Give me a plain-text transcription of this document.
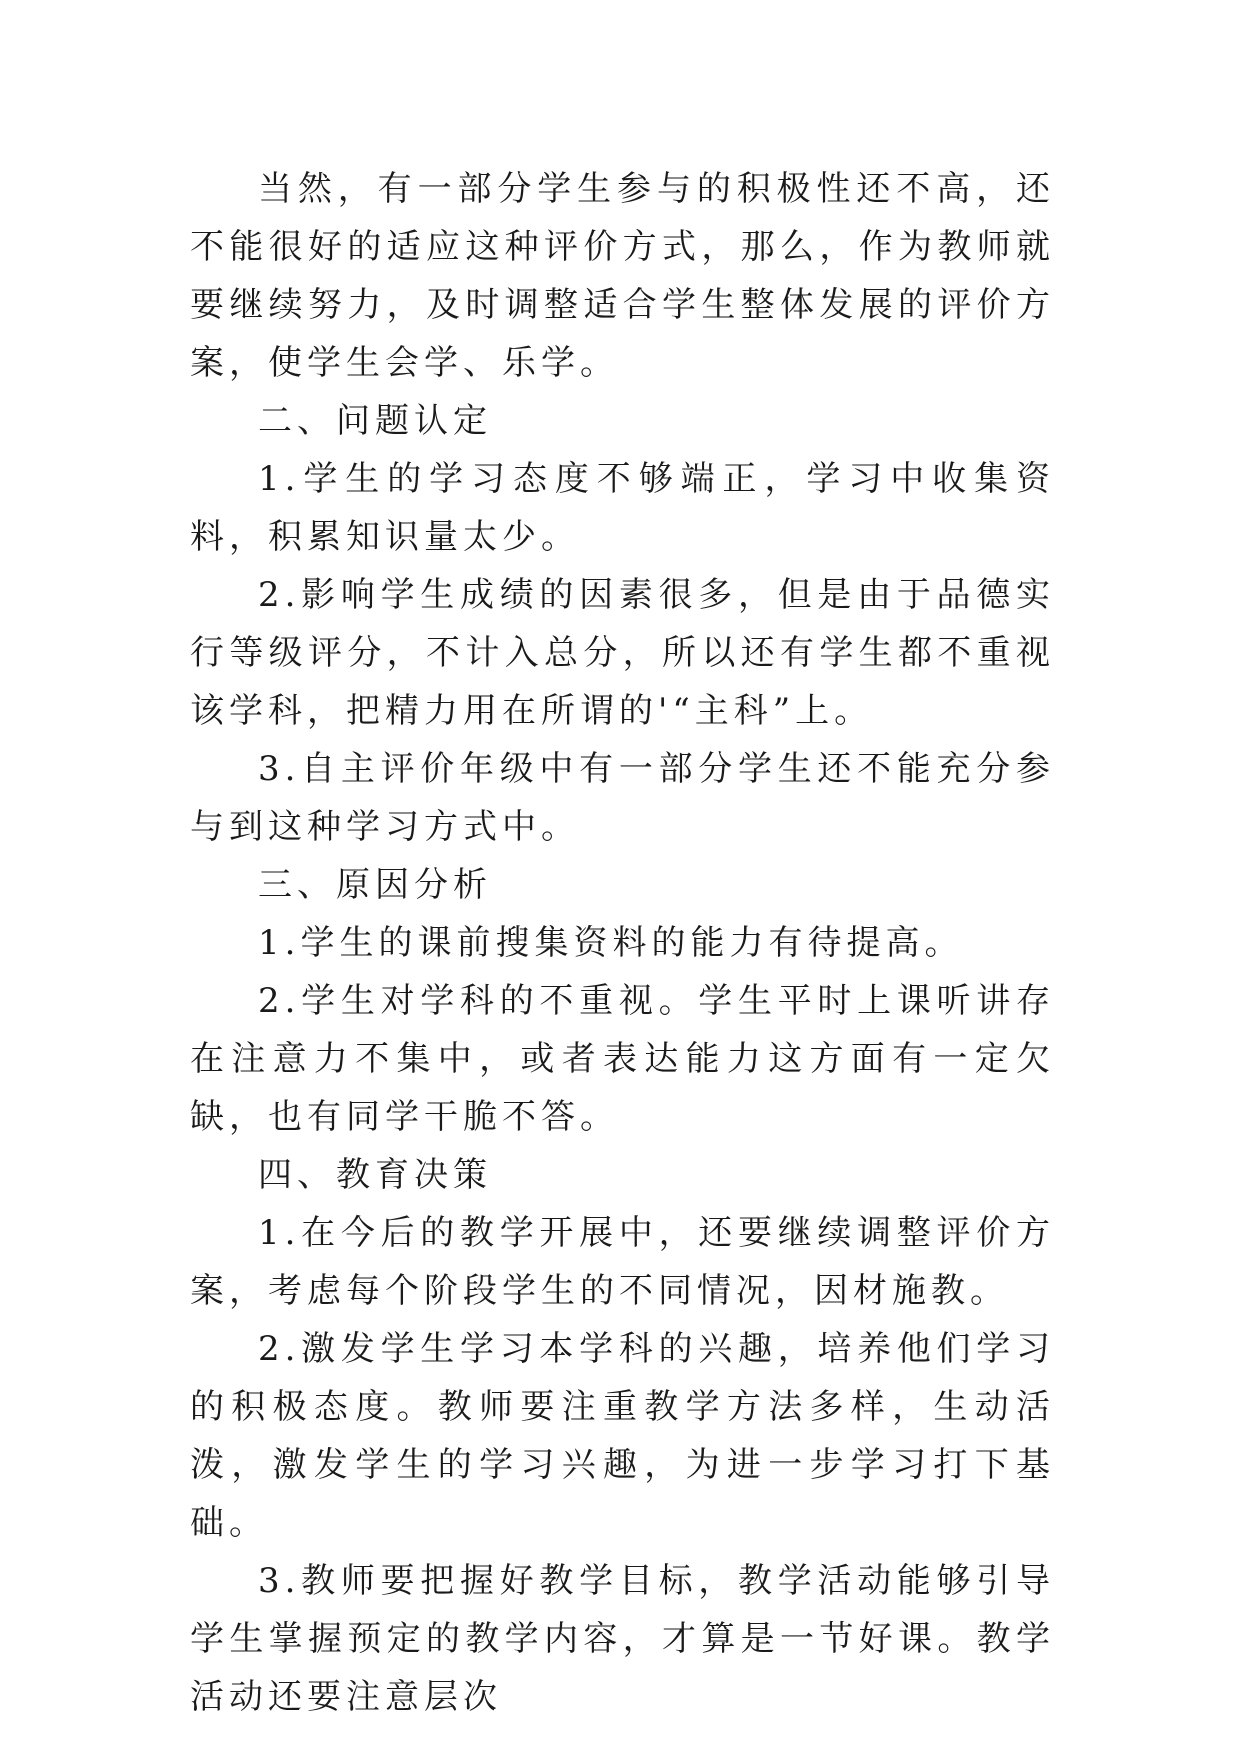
当然，有一部分学生参与的积极性还不高，还不能很好的适应这种评价方式，那么，作为教师就要继续努力，及时调整适合学生整体发展的评价方案，使学生会学、乐学。

二、问题认定

1.学生的学习态度不够端正，学习中收集资料，积累知识量太少。

2.影响学生成绩的因素很多，但是由于品德实行等级评分，不计入总分，所以还有学生都不重视该学科，把精力用在所谓的'“主科”上。

3.自主评价年级中有一部分学生还不能充分参与到这种学习方式中。

三、原因分析

1.学生的课前搜集资料的能力有待提高。

2.学生对学科的不重视。学生平时上课听讲存在注意力不集中，或者表达能力这方面有一定欠缺，也有同学干脆不答。

四、教育决策

1.在今后的教学开展中，还要继续调整评价方案，考虑每个阶段学生的不同情况，因材施教。

2.激发学生学习本学科的兴趣，培养他们学习的积极态度。教师要注重教学方法多样，生动活泼，激发学生的学习兴趣，为进一步学习打下基础。

3.教师要把握好教学目标，教学活动能够引导学生掌握预定的教学内容，才算是一节好课。教学活动还要注意层次
